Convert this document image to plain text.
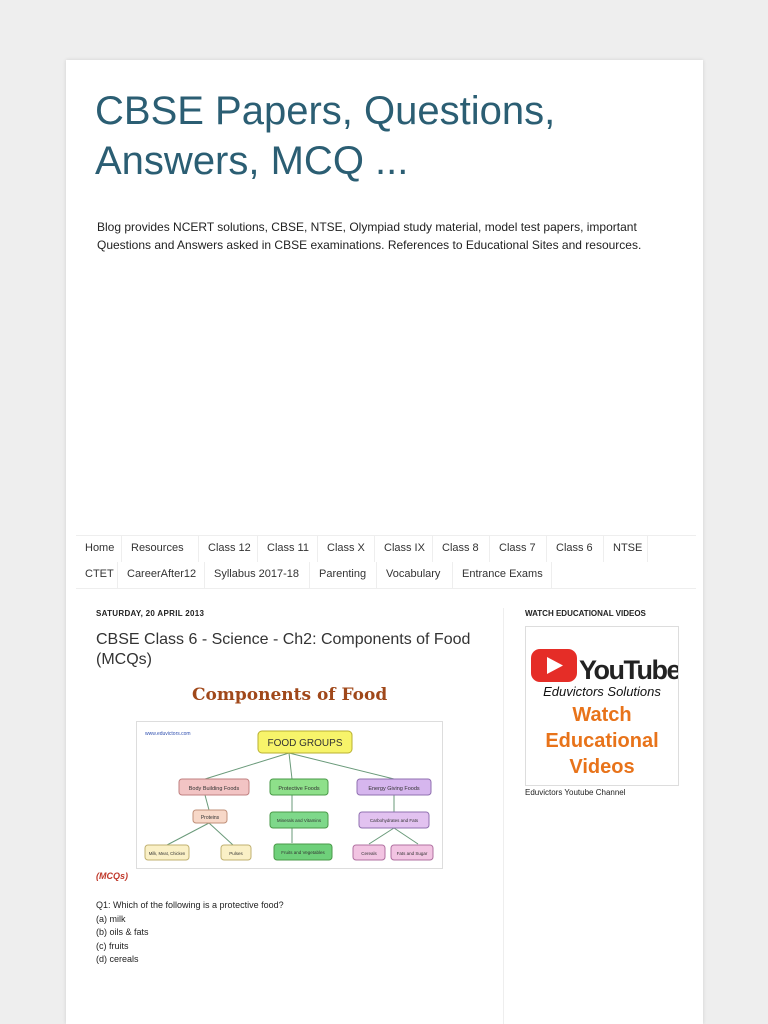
CBSE Papers, Questions, Answers, MCQ ...
Blog provides NCERT solutions, CBSE, NTSE, Olympiad study material, model test papers, important Questions and Answers asked in CBSE examinations. References to Educational Sites and resources.
Home	Resources	Class 12	Class 11	Class X	Class IX	Class 8	Class 7	Class 6	NTSE
CTET	CareerAfter12	Syllabus 2017-18	Parenting	Vocabulary	Entrance Exams
SATURDAY, 20 APRIL 2013
CBSE Class 6 - Science - Ch2: Components of Food (MCQs)
Components of Food
www.eduvictors.com
FOOD GROUPS
Body Building Foods	Protective Foods	Energy Giving Foods
Proteins	Minerals and Vitamins	Carbohydrates and Fats
Milk, Meat, Chicken	Pulses	Fruits and Vegetables	Cereals	Fats and Sugar
(MCQs)
Q1: Which of the following is a protective food?
(a) milk
(b) oils & fats
(c) fruits
(d) cereals
WATCH EDUCATIONAL VIDEOS
YouTube
Eduvictors Solutions
Watch
Educational
Videos
Eduvictors Youtube Channel
